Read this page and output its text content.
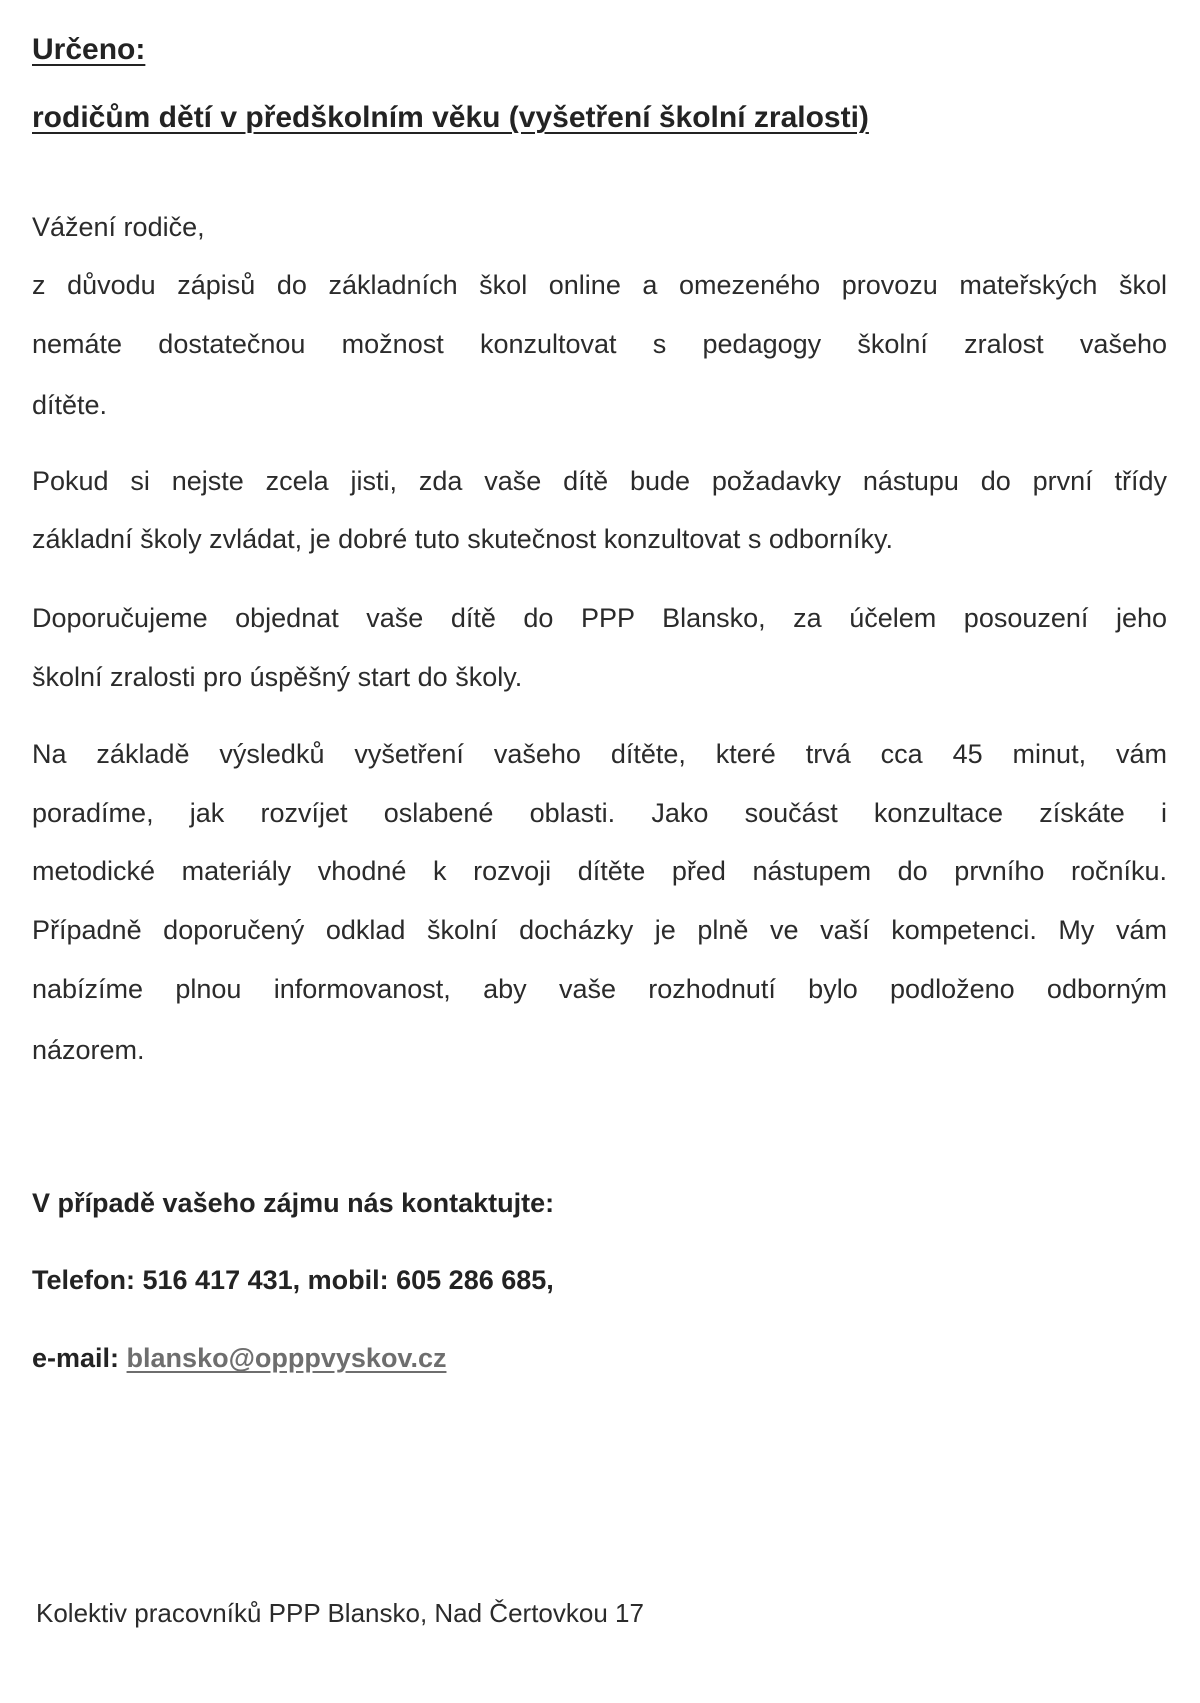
Určeno:
rodičům dětí v předškolním věku (vyšetření školní zralosti)

Vážení rodiče,

z důvodu zápisů do základních škol online a omezeného provozu mateřských škol

nemáte dostatečnou možnost konzultovat s pedagogy školní zralost vašeho

dítěte.

Pokud si nejste zcela jisti, zda vaše dítě bude požadavky nástupu do první třídy

základní školy zvládat, je dobré tuto skutečnost konzultovat s odborníky.

Doporučujeme objednat vaše dítě do PPP Blansko, za účelem posouzení jeho

školní zralosti pro úspěšný start do školy.

Na základě výsledků vyšetření vašeho dítěte, které trvá cca 45 minut, vám

poradíme, jak rozvíjet oslabené oblasti. Jako součást konzultace získáte i

metodické materiály vhodné k rozvoji dítěte před nástupem do prvního ročníku.

Případně doporučený odklad školní docházky je plně ve vaší kompetenci. My vám

nabízíme plnou informovanost, aby vaše rozhodnutí bylo podloženo odborným

názorem.

V případě vašeho zájmu nás kontaktujte:

Telefon: 516 417 431, mobil: 605 286 685,

e-mail: blansko@opppvyskov.cz

Kolektiv pracovníků PPP Blansko, Nad Čertovkou 17
